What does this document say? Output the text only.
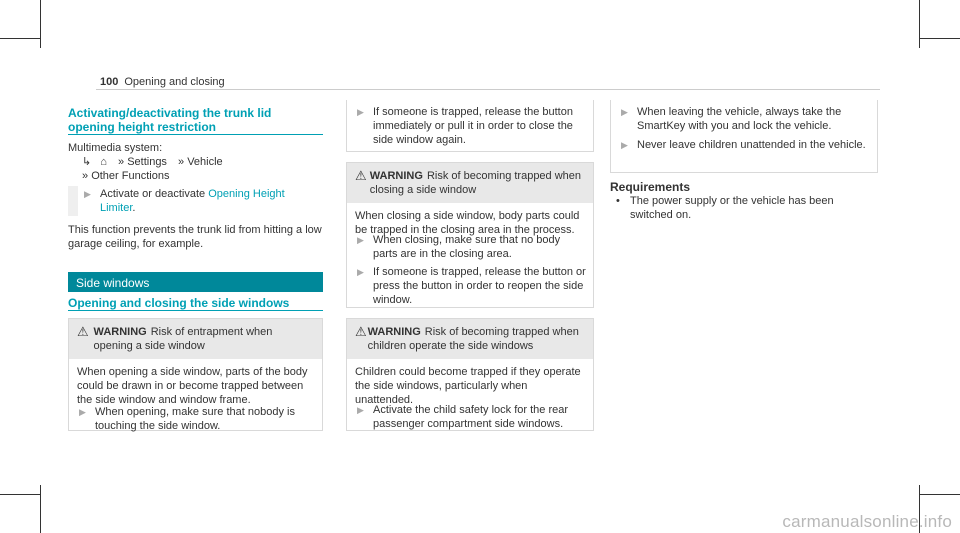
100 Opening and closing
Activating/deactivating the trunk lid opening height restriction
Multimedia system:
↳ ⌂ » Settings » Vehicle
» Other Functions
▶ Activate or deactivate Opening Height Limiter.
This function prevents the trunk lid from hitting a low garage ceiling, for example.
Side windows
Opening and closing the side windows
⚠ WARNING Risk of entrapment when opening a side window
When opening a side window, parts of the body could be drawn in or become trapped between the side window and window frame.
▶ When opening, make sure that nobody is touching the side window.
▶ If someone is trapped, release the button immediately or pull it in order to close the side window again.
⚠ WARNING Risk of becoming trapped when closing a side window
When closing a side window, body parts could be trapped in the closing area in the process.
▶ When closing, make sure that no body parts are in the closing area.
▶ If someone is trapped, release the button or press the button in order to reopen the side window.
⚠ WARNING Risk of becoming trapped when children operate the side windows
Children could become trapped if they operate the side windows, particularly when unattended.
▶ Activate the child safety lock for the rear passenger compartment side windows.
▶ When leaving the vehicle, always take the SmartKey with you and lock the vehicle.
▶ Never leave children unattended in the vehicle.
Requirements
• The power supply or the vehicle has been switched on.
carmanualsonline.info
